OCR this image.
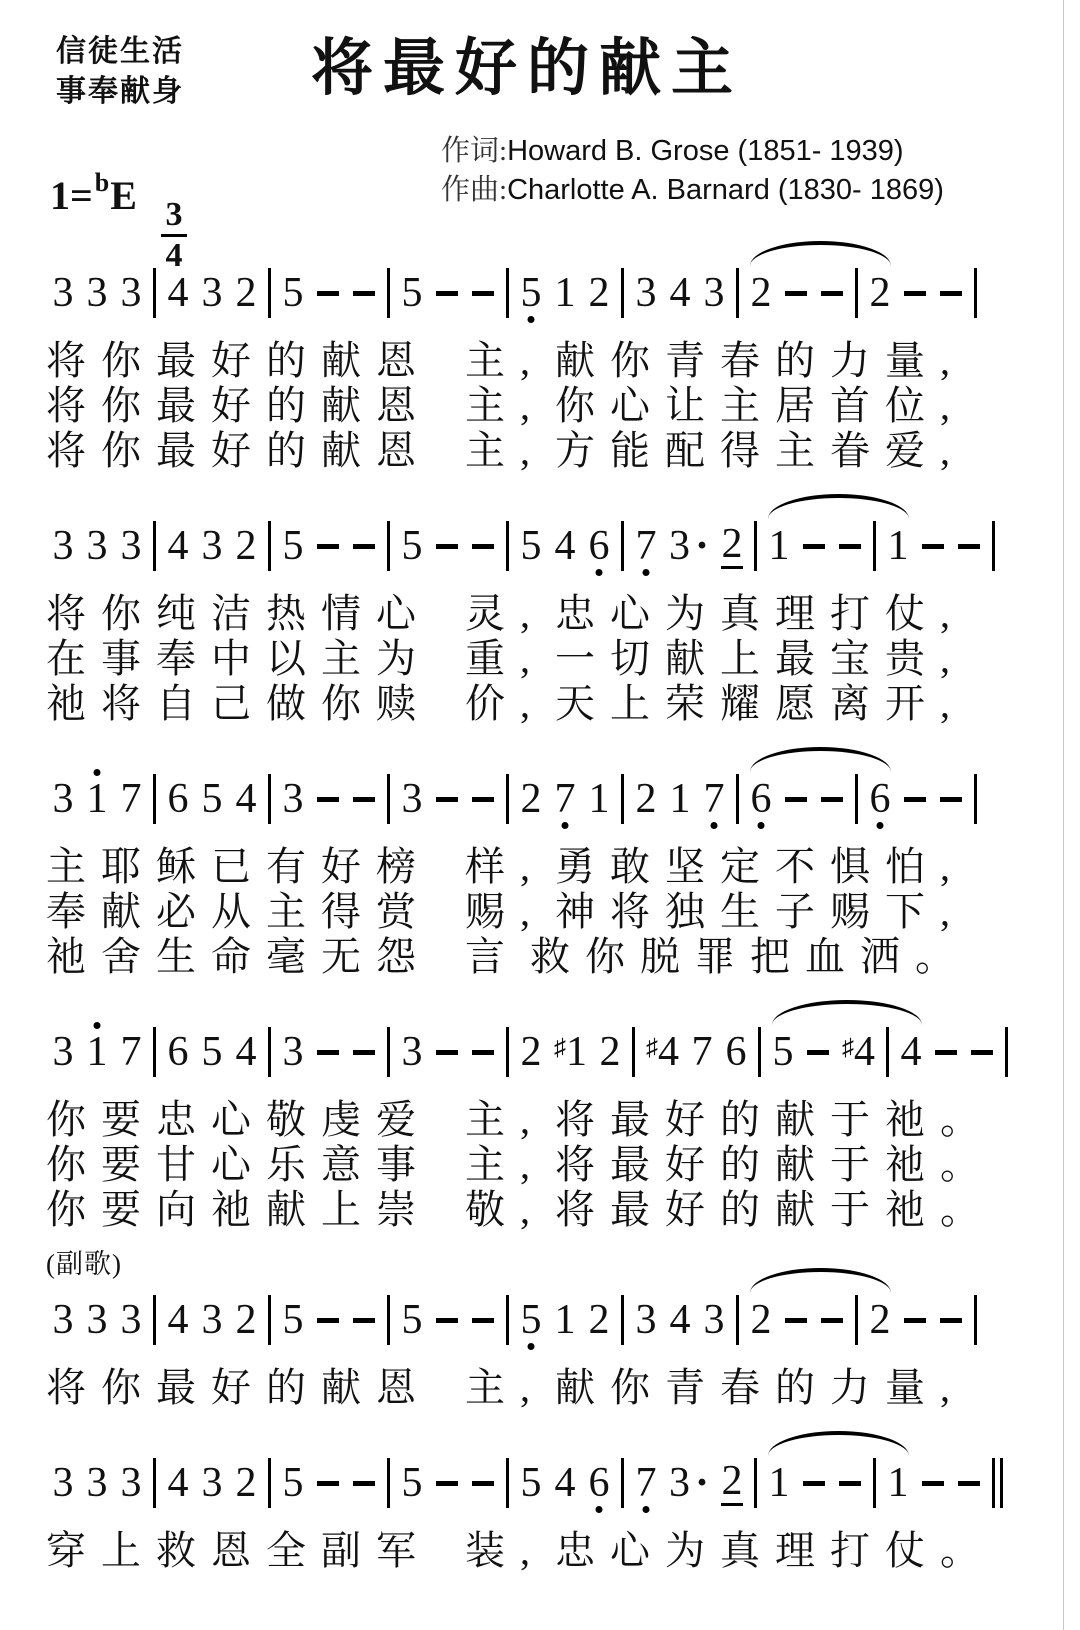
信徒生活
事奉献身 将最好的献主
作词:Howard B. Grose (1851- 1939)
作曲:Charlotte A. Barnard (1830- 1869)
1=$^b$E
$\frac{3}{4}$
3 3 3 4 3 2 5 5 5 1 2 3 4 3 2 2
将你最好的献恩 主, 献你青春的力量,
将你最好的献恩 主, 你心让主居首位,
将你最好的献恩 主, 方能配得主眷爱,
3 3 3 4 3 2 5 5 5 4 6 7 3 · 2 1 1
将你纯洁热情心 灵, 忠心为真理打仗,
在事奉中以主为 重, 一切献上最宝贵,
祂将自己做你赎 价, 天上荣耀愿离开,
3 1 7 6 5 4 3 3 2 7 1 2 1 7 6 6
主耶稣已有好榜 样, 勇敢坚定不惧怕,
奉献必从主得赏 赐, 神将独生子赐下,
祂舍生命毫无怨 言 救你脱罪把血洒。
3 1 7 6 5 4 3 3 2 ♯1 2 ♯4 7 6 5 ♯4 4
你要忠心敬虔爱 主, 将最好的献于祂。
你要甘心乐意事 主, 将最好的献于祂。
你要向祂献上崇 敬, 将最好的献于祂。
(副歌)
3 3 3 4 3 2 5 5 5 1 2 3 4 3 2 2
将你最好的献恩 主, 献你青春的力量,
3 3 3 4 3 2 5 5 5 4 6 7 3 · 2 1 1
穿上救恩全副军 装, 忠心为真理打仗。
